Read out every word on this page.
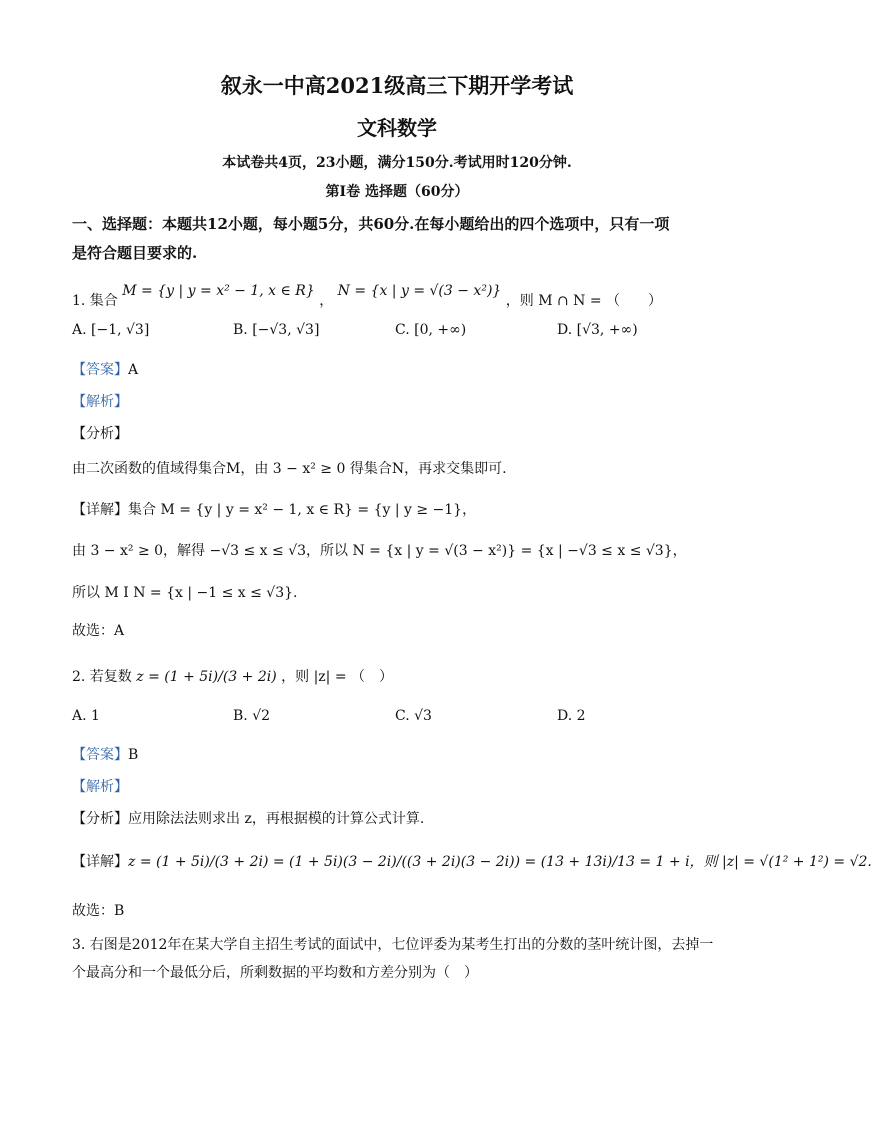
叙永一中高2021级高三下期开学考试
文科数学
本试卷共4页，23小题，满分150分.考试用时120分钟.
第I卷 选择题（60分）
一、选择题：本题共12小题，每小题5分，共60分.在每小题给出的四个选项中，只有一项
是符合题目要求的.
1. 集合 M = {y | y = x² − 1, x ∈ R} ， N = {x | y = √(3 − x²)} ，则 M ∩ N = （　　）
A. [−1, √3]	B. [−√3, √3]	C. [0, +∞)	D. [√3, +∞)
【答案】A
【解析】
【分析】
由二次函数的值域得集合M，由 3 − x² ≥ 0 得集合N，再求交集即可.
【详解】集合 M = {y | y = x² − 1, x ∈ R} = {y | y ≥ −1}，
由 3 − x² ≥ 0，解得 −√3 ≤ x ≤ √3，所以 N = {x | y = √(3 − x²)} = {x | −√3 ≤ x ≤ √3}，
所以 M I N = {x | −1 ≤ x ≤ √3}.
故选：A
2. 若复数 z = (1 + 5i)/(3 + 2i) ，则 |z| = （　）
A. 1	B. √2	C. √3	D. 2
【答案】B
【解析】
【分析】应用除法法则求出 z，再根据模的计算公式计算.
【详解】z = (1 + 5i)/(3 + 2i) = (1 + 5i)(3 − 2i)/((3 + 2i)(3 − 2i)) = (13 + 13i)/13 = 1 + i，则 |z| = √(1² + 1²) = √2.
故选：B
3. 右图是2012年在某大学自主招生考试的面试中，七位评委为某考生打出的分数的茎叶统计图，去掉一
个最高分和一个最低分后，所剩数据的平均数和方差分别为（　）
